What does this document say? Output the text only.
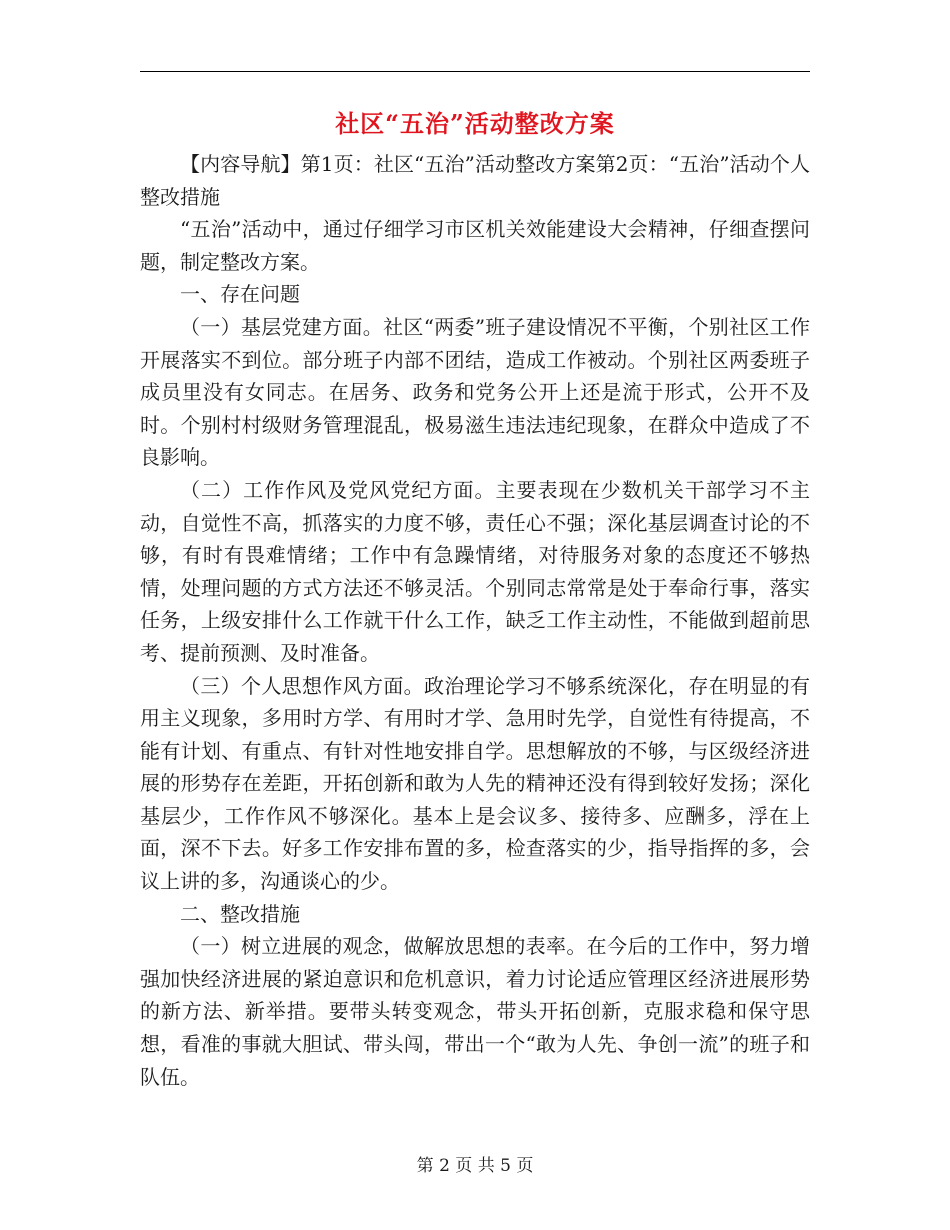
社区“五治”活动整改方案

【内容导航】第1页：社区“五治”活动整改方案第2页：“五治”活动个人整改措施

“五治”活动中，通过仔细学习市区机关效能建设大会精神，仔细查摆问题，制定整改方案。

一、存在问题

（一）基层党建方面。社区“两委”班子建设情况不平衡，个别社区工作开展落实不到位。部分班子内部不团结，造成工作被动。个别社区两委班子成员里没有女同志。在居务、政务和党务公开上还是流于形式，公开不及时。个别村村级财务管理混乱，极易滋生违法违纪现象，在群众中造成了不良影响。

（二）工作作风及党风党纪方面。主要表现在少数机关干部学习不主动，自觉性不高，抓落实的力度不够，责任心不强；深化基层调查讨论的不够，有时有畏难情绪；工作中有急躁情绪，对待服务对象的态度还不够热情，处理问题的方式方法还不够灵活。个别同志常常是处于奉命行事，落实任务，上级安排什么工作就干什么工作，缺乏工作主动性，不能做到超前思考、提前预测、及时准备。

（三）个人思想作风方面。政治理论学习不够系统深化，存在明显的有用主义现象，多用时方学、有用时才学、急用时先学，自觉性有待提高，不能有计划、有重点、有针对性地安排自学。思想解放的不够，与区级经济进展的形势存在差距，开拓创新和敢为人先的精神还没有得到较好发扬；深化基层少，工作作风不够深化。基本上是会议多、接待多、应酬多，浮在上面，深不下去。好多工作安排布置的多，检查落实的少，指导指挥的多，会议上讲的多，沟通谈心的少。

二、整改措施

（一）树立进展的观念，做解放思想的表率。在今后的工作中，努力增强加快经济进展的紧迫意识和危机意识，着力讨论适应管理区经济进展形势的新方法、新举措。要带头转变观念，带头开拓创新，克服求稳和保守思想，看准的事就大胆试、带头闯，带出一个“敢为人先、争创一流”的班子和队伍。

第 2 页 共 5 页
